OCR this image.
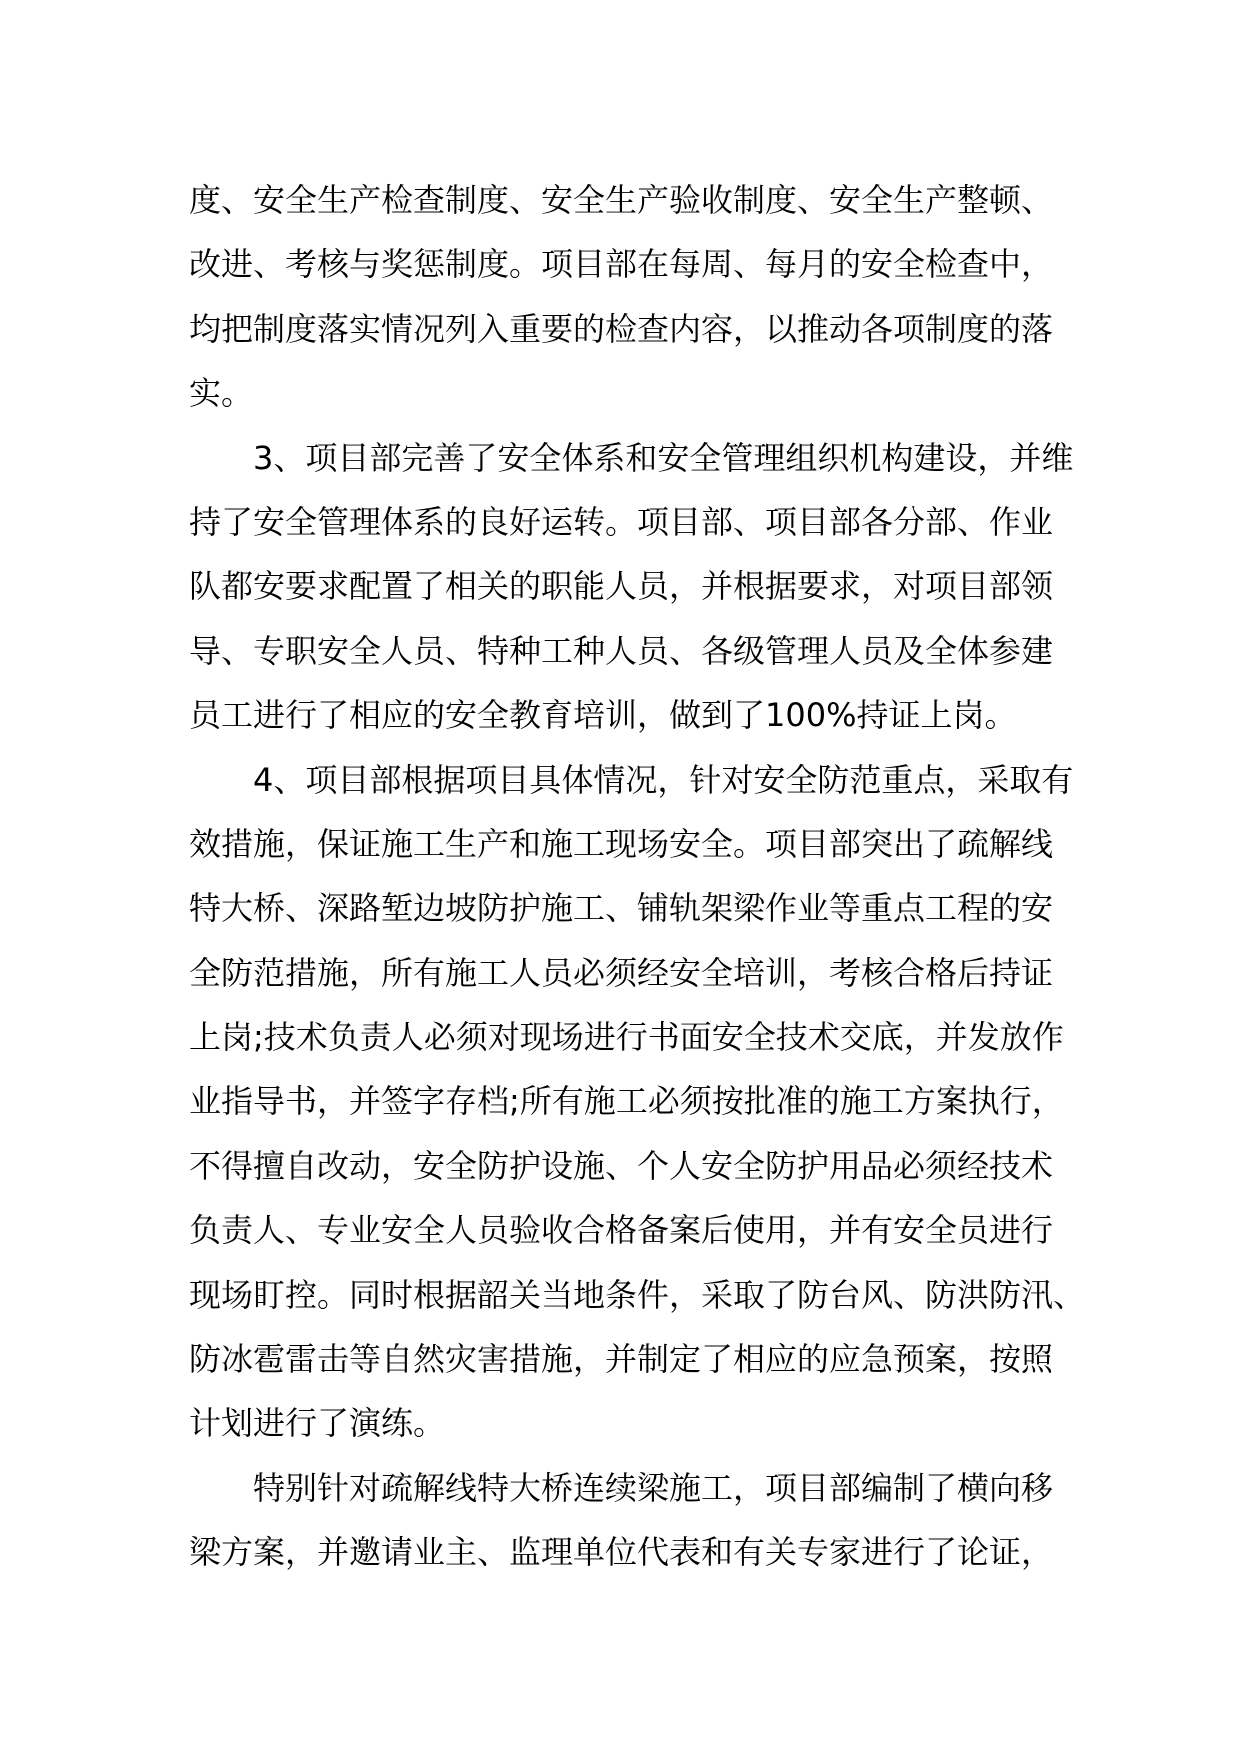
度、安全生产检查制度、安全生产验收制度、安全生产整顿、
改进、考核与奖惩制度。项目部在每周、每月的安全检查中，
均把制度落实情况列入重要的检查内容，以推动各项制度的落
实。

3、项目部完善了安全体系和安全管理组织机构建设，并维
持了安全管理体系的良好运转。项目部、项目部各分部、作业
队都安要求配置了相关的职能人员，并根据要求，对项目部领
导、专职安全人员、特种工种人员、各级管理人员及全体参建
员工进行了相应的安全教育培训，做到了100%持证上岗。

4、项目部根据项目具体情况，针对安全防范重点，采取有
效措施，保证施工生产和施工现场安全。项目部突出了疏解线
特大桥、深路堑边坡防护施工、铺轨架梁作业等重点工程的安
全防范措施，所有施工人员必须经安全培训，考核合格后持证
上岗;技术负责人必须对现场进行书面安全技术交底，并发放作
业指导书，并签字存档;所有施工必须按批准的施工方案执行，
不得擅自改动，安全防护设施、个人安全防护用品必须经技术
负责人、专业安全人员验收合格备案后使用，并有安全员进行
现场盯控。同时根据韶关当地条件，采取了防台风、防洪防汛、
防冰雹雷击等自然灾害措施，并制定了相应的应急预案，按照
计划进行了演练。

特别针对疏解线特大桥连续梁施工，项目部编制了横向移
梁方案，并邀请业主、监理单位代表和有关专家进行了论证，
